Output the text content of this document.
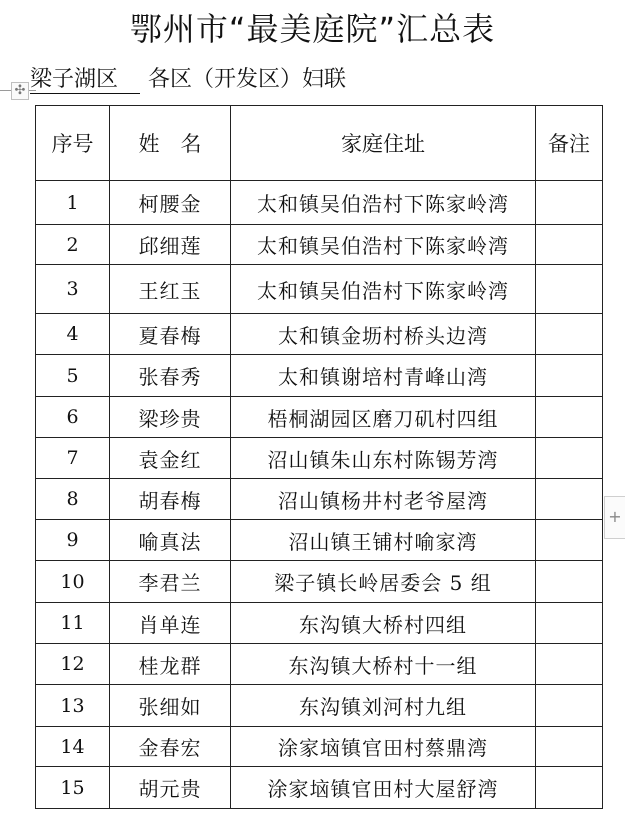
鄂州市“最美庭院”汇总表
梁子湖区 各区（开发区）妇联
✣
序号	姓　名	家庭住址	备注
1	柯腰金	太和镇吴伯浩村下陈家岭湾	
2	邱细莲	太和镇吴伯浩村下陈家岭湾	
3	王红玉	太和镇吴伯浩村下陈家岭湾	
4	夏春梅	太和镇金坜村桥头边湾	
5	张春秀	太和镇谢培村青峰山湾	
6	梁珍贵	梧桐湖园区磨刀矶村四组	
7	袁金红	沼山镇朱山东村陈锡芳湾	
8	胡春梅	沼山镇杨井村老爷屋湾	
9	喻真法	沼山镇王铺村喻家湾	
10	李君兰	梁子镇长岭居委会 5 组	
11	肖单连	东沟镇大桥村四组	
12	桂龙群	东沟镇大桥村十一组	
13	张细如	东沟镇刘河村九组	
14	金春宏	涂家垴镇官田村蔡鼎湾	
15	胡元贵	涂家垴镇官田村大屋舒湾	
+
